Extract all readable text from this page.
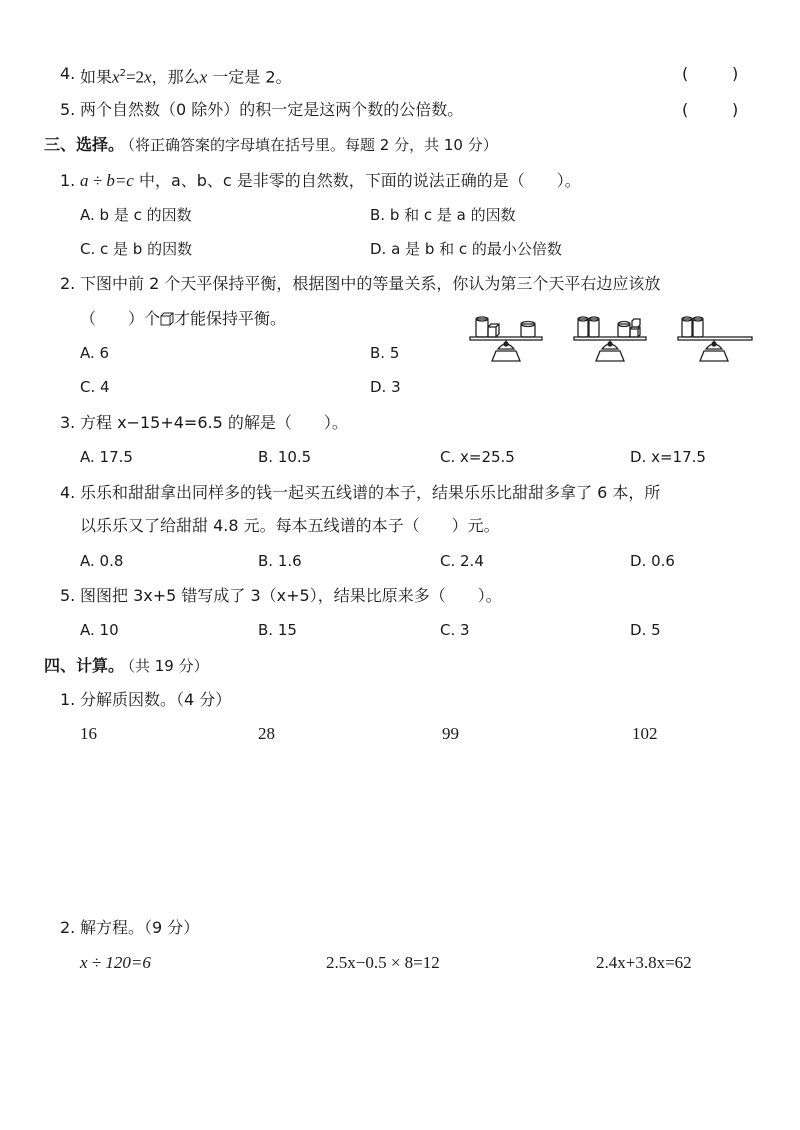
4. 如果$x^2=2x$，那么x 一定是 2。	(	)
5. 两个自然数（0 除外）的积一定是这两个数的公倍数。	(	)
三、选择。
（将正确答案的字母填在括号里。每题 2 分，共 10 分）
1. a ÷ b=c 中，a、b、c 是非零的自然数，下面的说法正确的是（　　）。
A. b 是 c 的因数	B. b 和 c 是 a 的因数
C. c 是 b 的因数	D. a 是 b 和 c 的最小公倍数
2. 下图中前 2 个天平保持平衡，根据图中的等量关系，你认为第三个天平右边应该放
（　　）个 才能保持平衡。
A. 6	B. 5
C. 4	D. 3
3. 方程 x−15+4=6.5 的解是（　　）。
A. 17.5	B. 10.5	C. x=25.5	D. x=17.5
4. 乐乐和甜甜拿出同样多的钱一起买五线谱的本子，结果乐乐比甜甜多拿了 6 本，所
以乐乐又了给甜甜 4.8 元。每本五线谱的本子（　　）元。
A. 0.8	B. 1.6	C. 2.4	D. 0.6
5. 图图把 3x+5 错写成了 3（x+5），结果比原来多（　　）。
A. 10	B. 15	C. 3	D. 5
四、计算。
（共 19 分）
1. 分解质因数。（4 分）
16	28	99	102
2. 解方程。（9 分）
x ÷ 120=6	2.5x−0.5 × 8=12	2.4x+3.8x=62
